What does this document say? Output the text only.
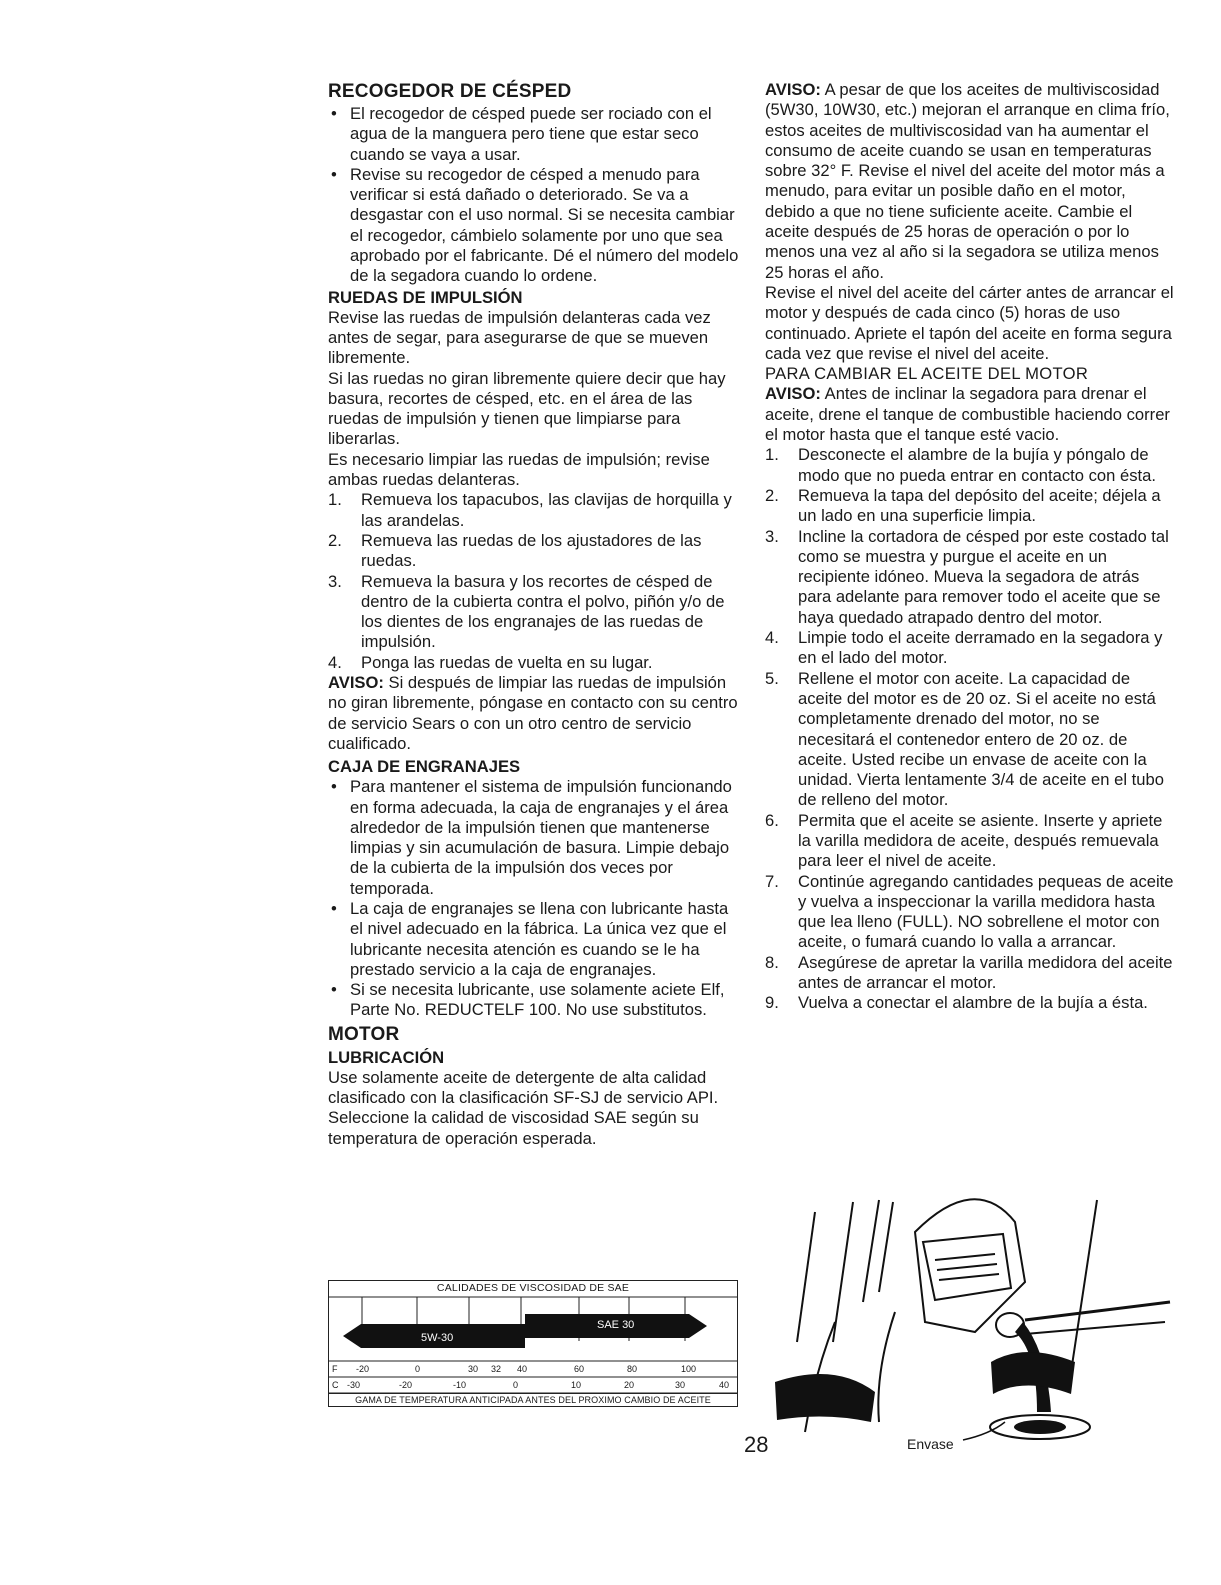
RECOGEDOR DE CÉSPED

• El recogedor de césped puede ser rociado con el agua de la manguera pero tiene que estar seco cuando se vaya a usar.

• Revise su recogedor de césped a menudo para verificar si está dañado o deteriorado. Se va a desgastar con el uso normal. Si se necesita cambiar el recogedor, cámbielo solamente por uno que sea aprobado por el fabricante. Dé el número del modelo de la segadora cuando lo ordene.

RUEDAS DE IMPULSIÓN

Revise las ruedas de impulsión delanteras cada vez antes de segar, para asegurarse de que se mueven libremente.

Si las ruedas no giran libremente quiere decir que hay basura, recortes de césped, etc. en el área de las ruedas de impulsión y tienen que limpiarse para liberarlas.

Es necesario limpiar las ruedas de impulsión; revise ambas ruedas delanteras.

1. Remueva los tapacubos, las clavijas de horquilla y las arandelas.

2. Remueva las ruedas de los ajustadores de las ruedas.

3. Remueva la basura y los recortes de césped de dentro de la cubierta contra el polvo, piñón y/o de los dientes de los engranajes de las ruedas de impulsión.

4. Ponga las ruedas de vuelta en su lugar.

AVISO: Si después de limpiar las ruedas de impulsión no giran libremente, póngase en contacto con su centro de servicio Sears o con un otro centro de servicio cualificado.

CAJA DE ENGRANAJES

• Para mantener el sistema de impulsión funcionando en forma adecuada, la caja de engranajes y el área alrededor de la impulsión tienen que mantenerse limpias y sin acumulación de basura. Limpie debajo de la cubierta de la impulsión dos veces por temporada.

• La caja de engranajes se llena con lubricante hasta el nivel adecuado en la fábrica. La única vez que el lubricante necesita atención es cuando se le ha prestado servicio a la caja de engranajes.

• Si se necesita lubricante, use solamente aciete Elf, Parte No. REDUCTELF 100. No use substitutos.

MOTOR
LUBRICACIÓN

Use solamente aceite de detergente de alta calidad clasificado con la clasificación SF-SJ de servicio API. Seleccione la calidad de viscosidad SAE según su temperatura de operación esperada.

CALIDADES DE VISCOSIDAD DE SAE
5W-30
SAE 30
F -20	0	30 32 40	60	80	100
C -30	-20	-10	0	10	20	30	40
GAMA DE TEMPERATURA ANTICIPADA ANTES DEL PROXIMO CAMBIO DE ACEITE

AVISO: A pesar de que los aceites de multiviscosidad (5W30, 10W30, etc.) mejoran el arranque en clima frío, estos aceites de multiviscosidad van ha aumentar el consumo de aceite cuando se usan en temperaturas sobre 32° F. Revise el nivel del aceite del motor más a menudo, para evitar un posible daño en el motor, debido a que no tiene suficiente aceite. Cambie el aceite después de 25 horas de operación o por lo menos una vez al año si la segadora se utiliza menos 25 horas el año.

Revise el nivel del aceite del cárter antes de arrancar el motor y después de cada cinco (5) horas de uso continuado. Apriete el tapón del aceite en forma segura cada vez que revise el nivel del aceite.

PARA CAMBIAR EL ACEITE DEL MOTOR

AVISO: Antes de inclinar la segadora para drenar el aceite, drene el tanque de combustible haciendo correr el motor hasta que el tanque esté vacio.

1. Desconecte el alambre de la bujía y póngalo de modo que no pueda entrar en contacto con ésta.

2. Remueva la tapa del depósito del aceite; déjela a un lado en una superficie limpia.

3. Incline la cortadora de césped por este costado tal como se muestra y purgue el aceite en un recipiente idóneo. Mueva la segadora de atrás para adelante para remover todo el aceite que se haya quedado atrapado dentro del motor.

4. Limpie todo el aceite derramado en la segadora y en el lado del motor.

5. Rellene el motor con aceite. La capacidad de aceite del motor es de 20 oz. Si el aceite no está completamente drenado del motor, no se necesitará el contenedor entero de 20 oz. de aceite. Usted recibe un envase de aceite con la unidad. Vierta lentamente 3/4 de aceite en el tubo de relleno del motor.

6. Permita que el aceite se asiente. Inserte y apriete la varilla medidora de aceite, después remuevala para leer el nivel de aceite.

7. Continúe agregando cantidades pequeas de aceite y vuelva a inspeccionar la varilla medidora hasta que lea lleno (FULL). NO sobrellene el motor con aceite, o fumará cuando lo valla a arrancar.

8. Asegúrese de apretar la varilla medidora del aceite antes de arrancar el motor.

9. Vuelva a conectar el alambre de la bujía a ésta.

Envase
28
